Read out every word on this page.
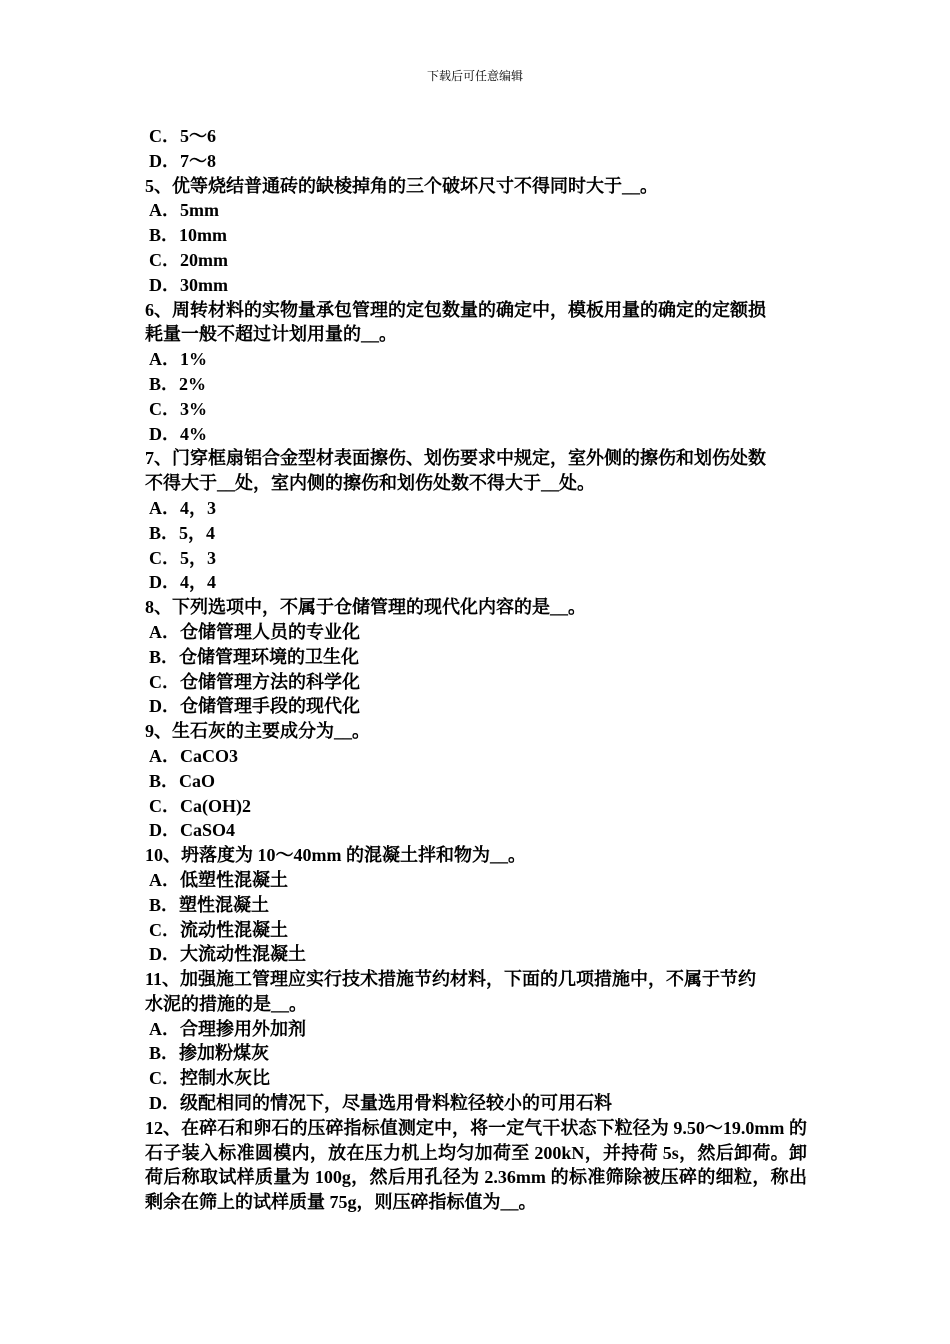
下载后可任意编辑
C．5～6
D．7～8
5、优等烧结普通砖的缺棱掉角的三个破坏尺寸不得同时大于__。
A．5mm
B．10mm
C．20mm
D．30mm
6、周转材料的实物量承包管理的定包数量的确定中，模板用量的确定的定额损
耗量一般不超过计划用量的__。
A．1%
B．2%
C．3%
D．4%
7、门穿框扇铝合金型材表面擦伤、划伤要求中规定，室外侧的擦伤和划伤处数
不得大于__处，室内侧的擦伤和划伤处数不得大于__处。
A．4，3
B．5，4
C．5，3
D．4，4
8、下列选项中，不属于仓储管理的现代化内容的是__。
A．仓储管理人员的专业化
B．仓储管理环境的卫生化
C．仓储管理方法的科学化
D．仓储管理手段的现代化
9、生石灰的主要成分为__。
A．CaCO3
B．CaO
C．Ca(OH)2
D．CaSO4
10、坍落度为 10～40mm 的混凝土拌和物为__。
A．低塑性混凝土
B．塑性混凝土
C．流动性混凝土
D．大流动性混凝土
11、加强施工管理应实行技术措施节约材料，下面的几项措施中，不属于节约
水泥的措施的是__。
A．合理掺用外加剂
B．掺加粉煤灰
C．控制水灰比
D．级配相同的情况下，尽量选用骨料粒径较小的可用石料
12、在碎石和卵石的压碎指标值测定中，将一定气干状态下粒径为 9.50～19.0mm 的石子装入标准圆模内，放在压力机上均匀加荷至 200kN，并持荷 5s，然后卸荷。卸荷后称取试样质量为 100g，然后用孔径为 2.36mm 的标准筛除被压碎的细粒，称出剩余在筛上的试样质量 75g，则压碎指标值为__。
